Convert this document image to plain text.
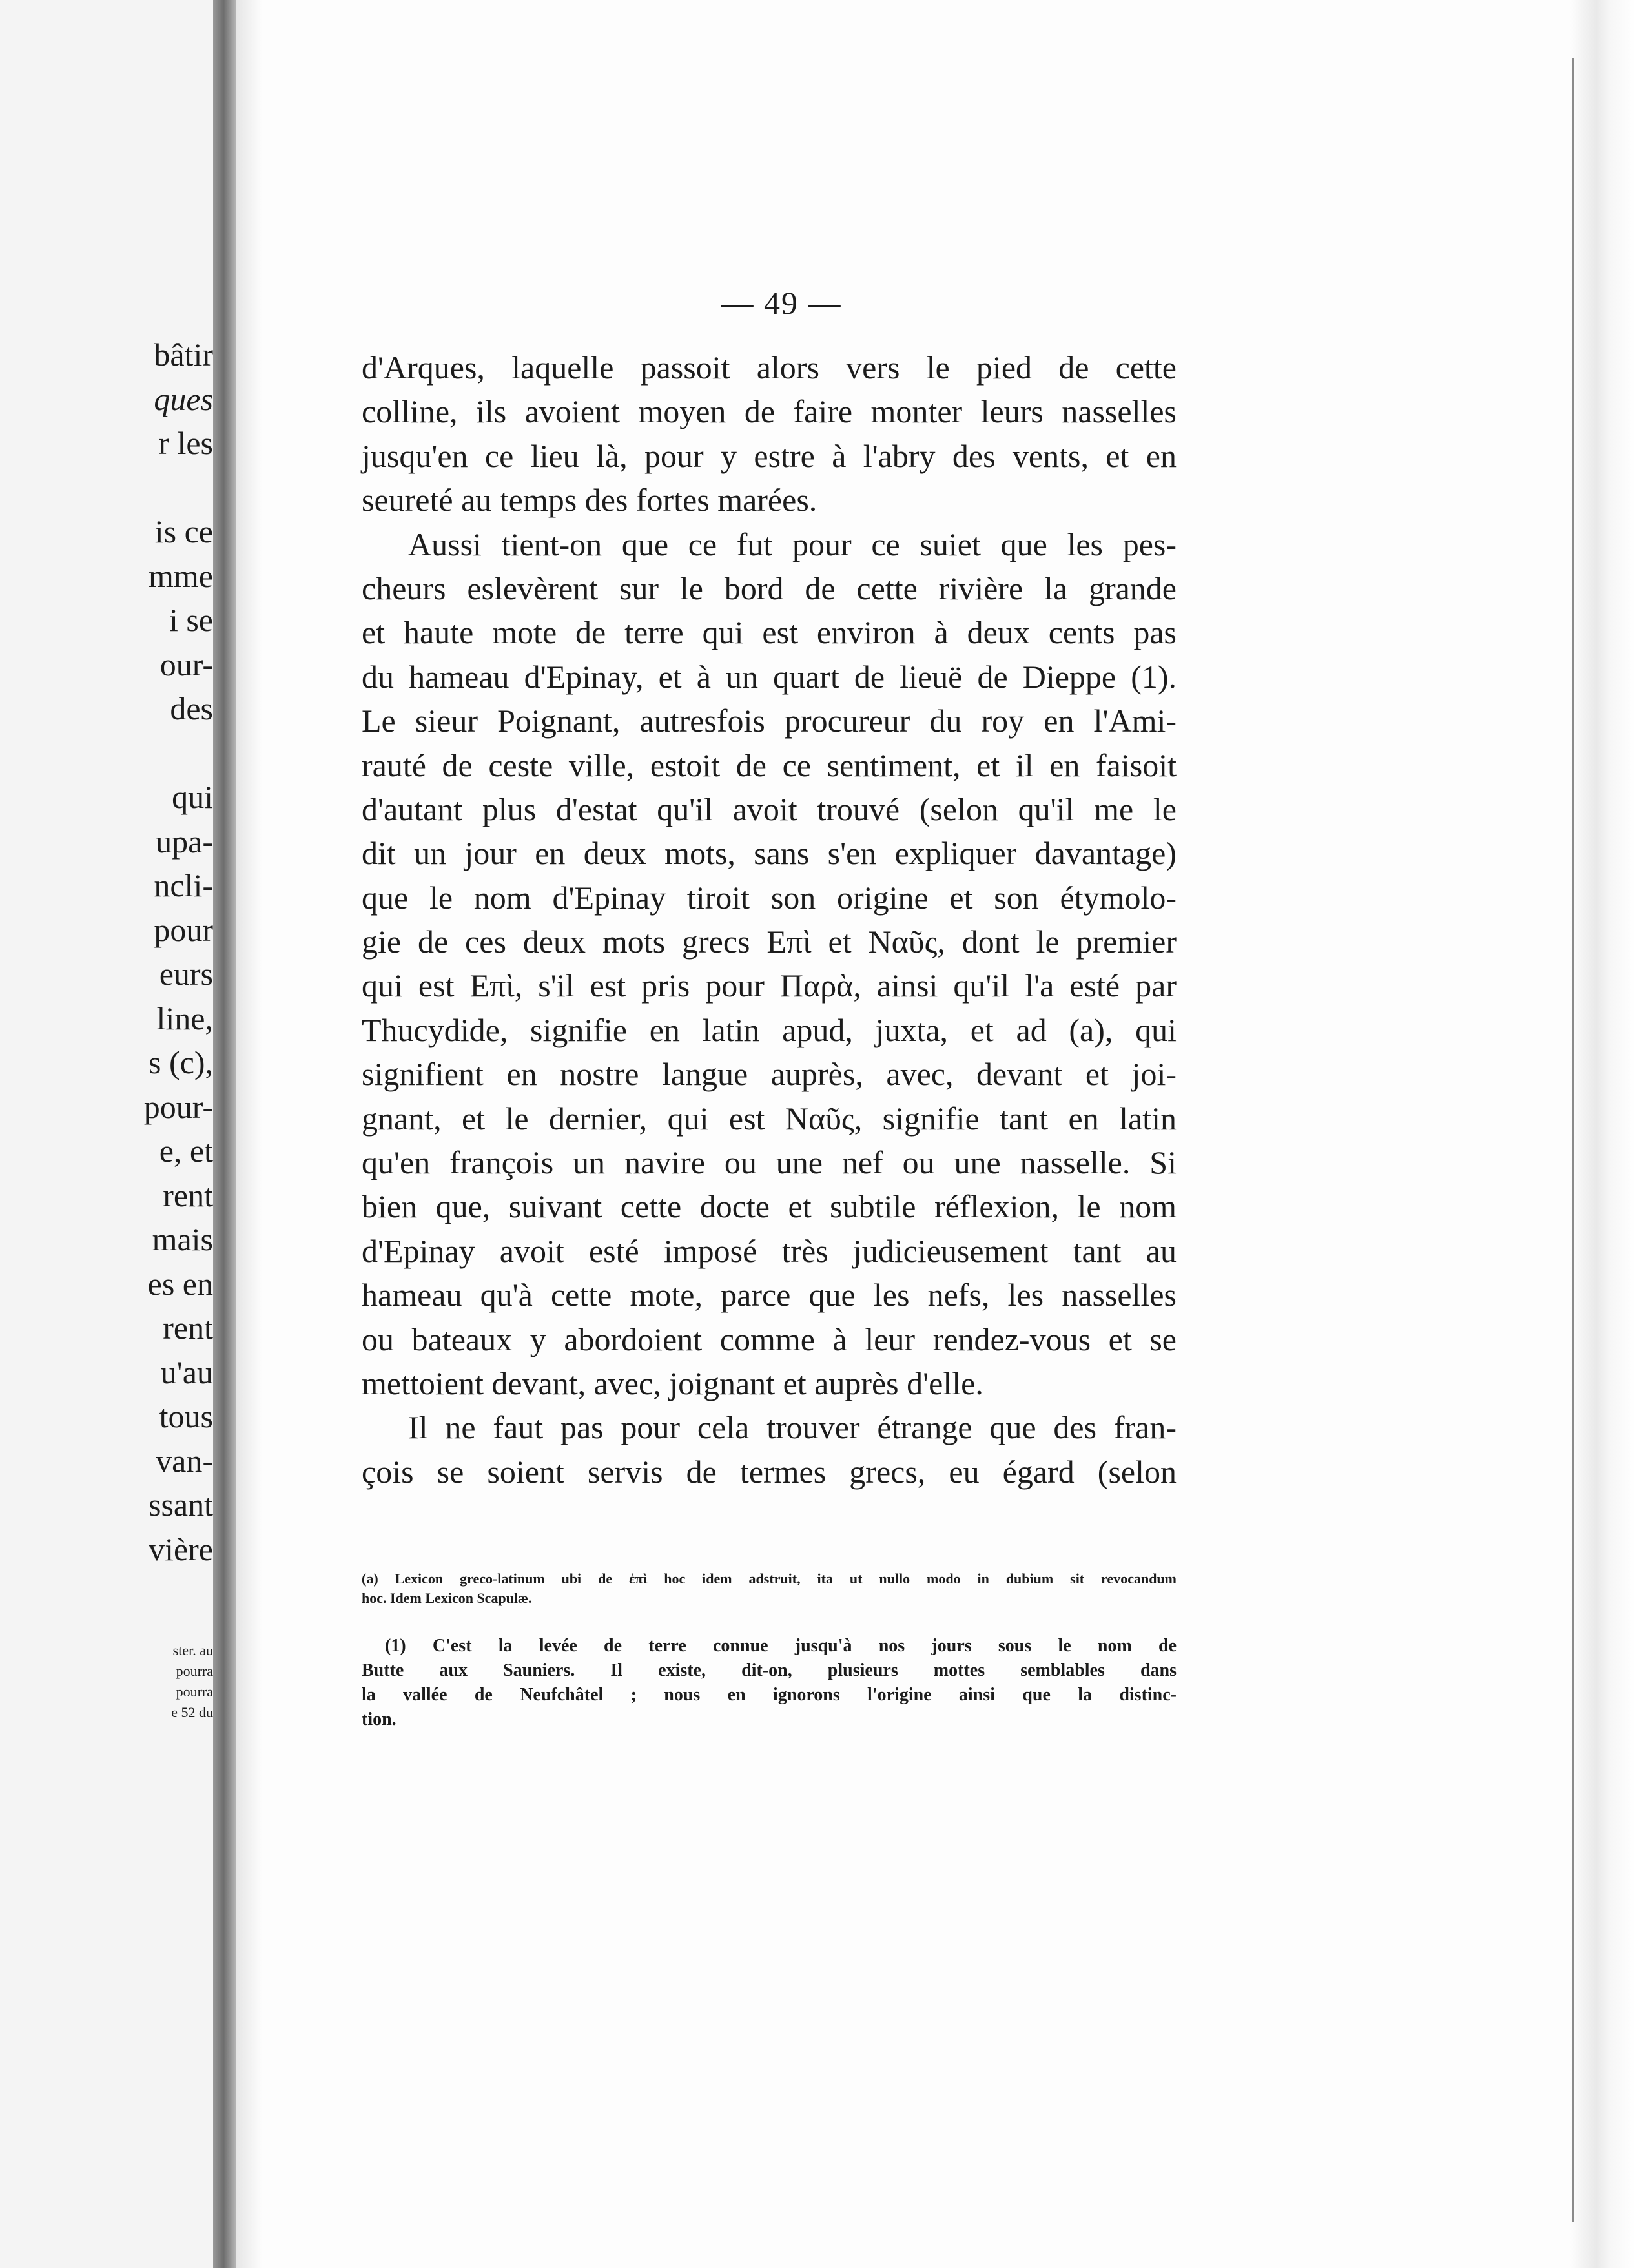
bâtir
ques
r les

is ce
mme
i se
our-
des

qui
upa-
ncli-
pour
eurs
line,
s (c),
pour-
e, et
rent
mais
es en
rent
u'au
tous
van-
ssant
vière
ster. au
pourra
pourra
e 52 du
— 49 —
d'Arques, laquelle passoit alors vers le pied de cette
colline, ils avoient moyen de faire monter leurs nasselles
jusqu'en ce lieu là, pour y estre à l'abry des vents, et en
seureté au temps des fortes marées.
Aussi tient-on que ce fut pour ce suiet que les pes-
cheurs eslevèrent sur le bord de cette rivière la grande
et haute mote de terre qui est environ à deux cents pas
du hameau d'Epinay, et à un quart de lieuë de Dieppe (1).
Le sieur Poignant, autresfois procureur du roy en l'Ami-
rauté de ceste ville, estoit de ce sentiment, et il en faisoit
d'autant plus d'estat qu'il avoit trouvé (selon qu'il me le
dit un jour en deux mots, sans s'en expliquer davantage)
que le nom d'Epinay tiroit son origine et son étymolo-
gie de ces deux mots grecs Επὶ et Ναῦς, dont le premier
qui est Επὶ, s'il est pris pour Παρὰ, ainsi qu'il l'a esté par
Thucydide, signifie en latin apud, juxta, et ad (a), qui
signifient en nostre langue auprès, avec, devant et joi-
gnant, et le dernier, qui est Ναῦς, signifie tant en latin
qu'en françois un navire ou une nef ou une nasselle. Si
bien que, suivant cette docte et subtile réflexion, le nom
d'Epinay avoit esté imposé très judicieusement tant au
hameau qu'à cette mote, parce que les nefs, les nasselles
ou bateaux y abordoient comme à leur rendez-vous et se
mettoient devant, avec, joignant et auprès d'elle.
Il ne faut pas pour cela trouver étrange que des fran-
çois se soient servis de termes grecs, eu égard (selon
(a) Lexicon greco-latinum ubi de ἐπὶ hoc idem adstruit, ita ut nullo modo in dubium sit revocandum
hoc. Idem Lexicon Scapulæ.
(1) C'est la levée de terre connue jusqu'à nos jours sous le nom de
Butte aux Sauniers. Il existe, dit-on, plusieurs mottes semblables dans
la vallée de Neufchâtel ; nous en ignorons l'origine ainsi que la distinc-
tion.
